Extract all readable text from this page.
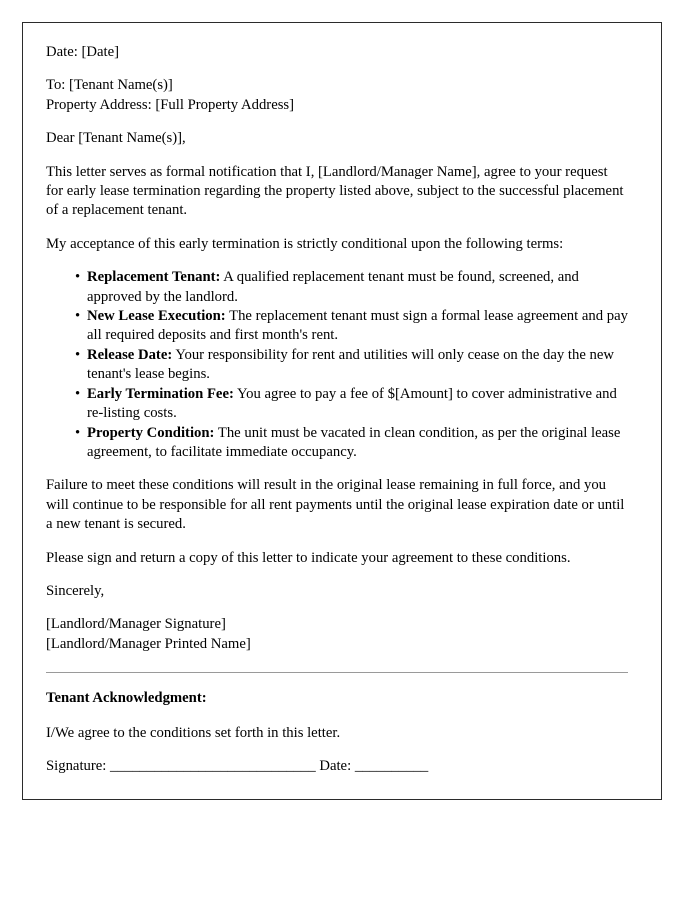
Date: [Date]

To: [Tenant Name(s)]
Property Address: [Full Property Address]

Dear [Tenant Name(s)],

This letter serves as formal notification that I, [Landlord/Manager Name], agree to your request for early lease termination regarding the property listed above, subject to the successful placement of a replacement tenant.

My acceptance of this early termination is strictly conditional upon the following terms:

• Replacement Tenant: A qualified replacement tenant must be found, screened, and approved by the landlord.
• New Lease Execution: The replacement tenant must sign a formal lease agreement and pay all required deposits and first month's rent.
• Release Date: Your responsibility for rent and utilities will only cease on the day the new tenant's lease begins.
• Early Termination Fee: You agree to pay a fee of $[Amount] to cover administrative and re-listing costs.
• Property Condition: The unit must be vacated in clean condition, as per the original lease agreement, to facilitate immediate occupancy.

Failure to meet these conditions will result in the original lease remaining in full force, and you will continue to be responsible for all rent payments until the original lease expiration date or until a new tenant is secured.

Please sign and return a copy of this letter to indicate your agreement to these conditions.

Sincerely,

[Landlord/Manager Signature]
[Landlord/Manager Printed Name]

Tenant Acknowledgment:

I/We agree to the conditions set forth in this letter.

Signature: ____________________________ Date: __________
